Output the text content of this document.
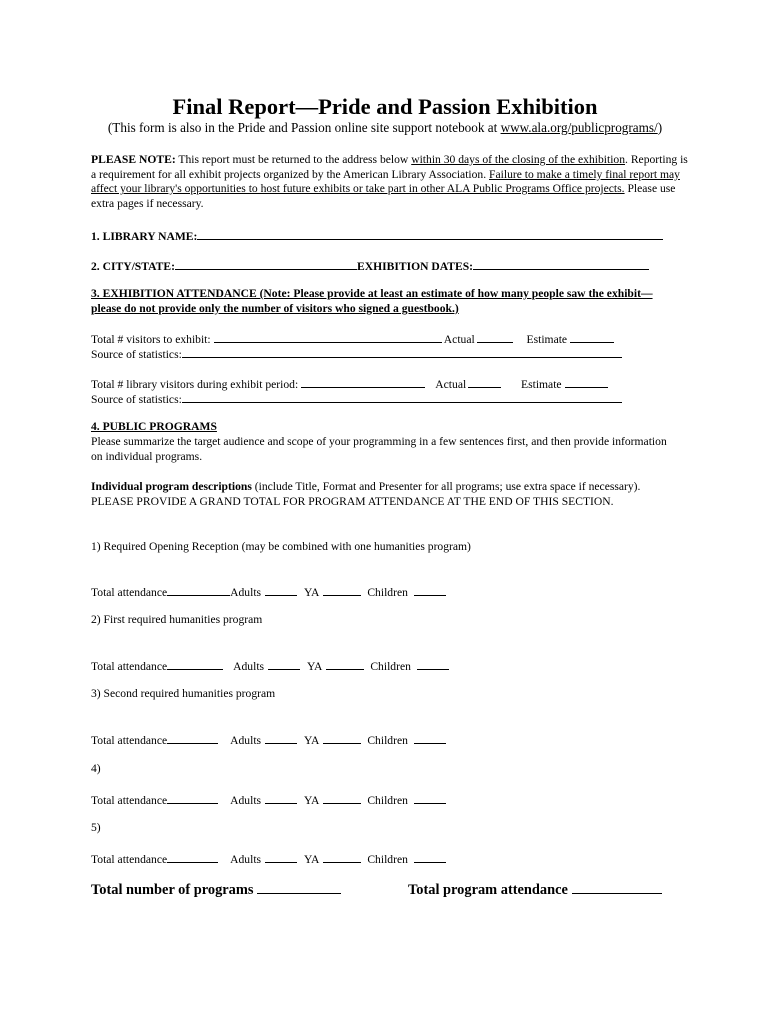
Final Report—Pride and Passion Exhibition
(This form is also in the Pride and Passion online site support notebook at www.ala.org/publicprograms/)
PLEASE NOTE: This report must be returned to the address below within 30 days of the closing of the exhibition. Reporting is a requirement for all exhibit projects organized by the American Library Association. Failure to make a timely final report may affect your library's opportunities to host future exhibits or take part in other ALA Public Programs Office projects. Please use extra pages if necessary.
1. LIBRARY NAME:
2. CITY/STATE:	EXHIBITION DATES:
3. EXHIBITION ATTENDANCE (Note: Please provide at least an estimate of how many people saw the exhibit—please do not provide only the number of visitors who signed a guestbook.)
Total # visitors to exhibit:	Actual	Estimate
Source of statistics:
Total # library visitors during exhibit period:	Actual	Estimate
Source of statistics:
4. PUBLIC PROGRAMS
Please summarize the target audience and scope of your programming in a few sentences first, and then provide information on individual programs.
Individual program descriptions (include Title, Format and Presenter for all programs; use extra space if necessary). PLEASE PROVIDE A GRAND TOTAL FOR PROGRAM ATTENDANCE AT THE END OF THIS SECTION.
1) Required Opening Reception (may be combined with one humanities program)
Total attendance	Adults	YA	Children
2) First required humanities program
Total attendance	Adults	YA	Children
3) Second required humanities program
Total attendance	Adults	YA	Children
4)
Total attendance	Adults	YA	Children
5)
Total attendance	Adults	YA	Children
Total number of programs	Total program attendance
